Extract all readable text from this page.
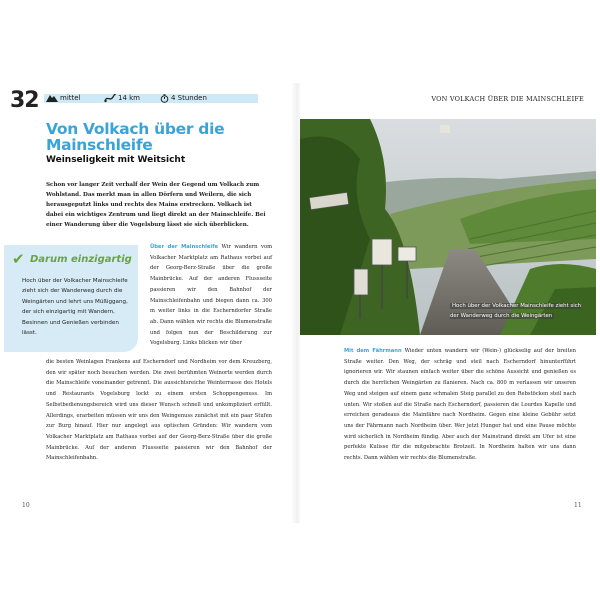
32	mittel	14 km	4 Stunden
Von Volkach über die Mainschleife
Weinseligkeit mit Weitsicht
Schon vor langer Zeit verhalf der Wein der Gegend um Volkach zum Wohlstand. Das merkt man in allen Dörfern und Weilern, die sich herausgeputzt links und rechts des Mains erstrecken. Volkach ist dabei ein wichtiges Zentrum und liegt direkt an der Mainschleife. Bei einer Wanderung über die Vogelsburg lässt sie sich überblicken.
✔ Darum einzigartig
Hoch über der Volkacher Mainschleife zieht sich der Wanderweg durch die Weingärten und lehrt uns Müßiggang, der sich einzigartig mit Wandern, Besinnen und Genießen verbinden lässt.
Über der Mainschleife Wir wandern vom Volkacher Marktplatz am Rathaus vorbei auf der Georg-Berz-Straße über die große Mainbrücke. Auf der anderen Flussseite passieren wir den Bahnhof der Mainschleifenbahn und biegen dann ca. 300 m weiter links in die Escherndorfer Straße ab. Dann wählen wir rechts die Blumenstraße und folgen nun der Beschilderung zur Vogelsburg. Links blicken wir über
die besten Weinlagen Frankens auf Escherndorf und Nordheim vor dem Kreuzberg, den wir später noch besuchen werden. Die zwei berühmten Weinorte werden durch die Mainschleife voneinander getrennt. Die aussichtsreiche Weinterrasse des Hotels und Restaurants Vogelsburg lockt zu einem ersten Schoppengenuss. Im Selbstbedienungsbereich wird uns dieser Wunsch schnell und unkompliziert erfüllt. Allerdings, erarbeiten müssen wir uns den Weingenuss zunächst mit ein paar Stufen zur Burg hinauf. Hier nur angelegt aus optischen Gründen: Wir wandern vom Volkacher Marktplatz am Rathaus vorbei auf der Georg-Berz-Straße über die große Mainbrücke. Auf der anderen Flussseite passieren wir den Bahnhof der Mainschleifenbahn.
10
VON VOLKACH ÜBER DIE MAINSCHLEIFE
Hoch über der Volkacher Mainschleife zieht sich der Wanderweg durch die Weingärten
Mit dem Fährmann Wieder unten wandern wir (Wein-) glückselig auf der breiten Straße weiter. Den Weg, der schräg und steil nach Escherndorf hinunterführt ignorieren wir. Wir staunen einfach weiter über die schöne Aussicht und genießen es durch die herrlichen Weingärten zu flanieren. Nach ca. 800 m verlassen wir unseren Weg und steigen auf einem ganz schmalen Steig parallel zu den Rebstöcken steil nach unten. Wir stoßen auf die Straße nach Escherndorf, passieren die Lourdes Kapelle und erreichen geradeaus die Mainfähre nach Nordheim. Gegen eine kleine Gebühr setzt uns der Fährmann nach Nordheim über. Wer jetzt Hunger hat und eine Pause möchte wird sicherlich in Nordheim fündig. Aber auch der Mainstrand direkt am Ufer ist eine perfekte Kulisse für die mitgebrachte Brotzeit. In Nordheim halten wir uns dann rechts. Dann wählen wir rechts die Blumenstraße.
11
